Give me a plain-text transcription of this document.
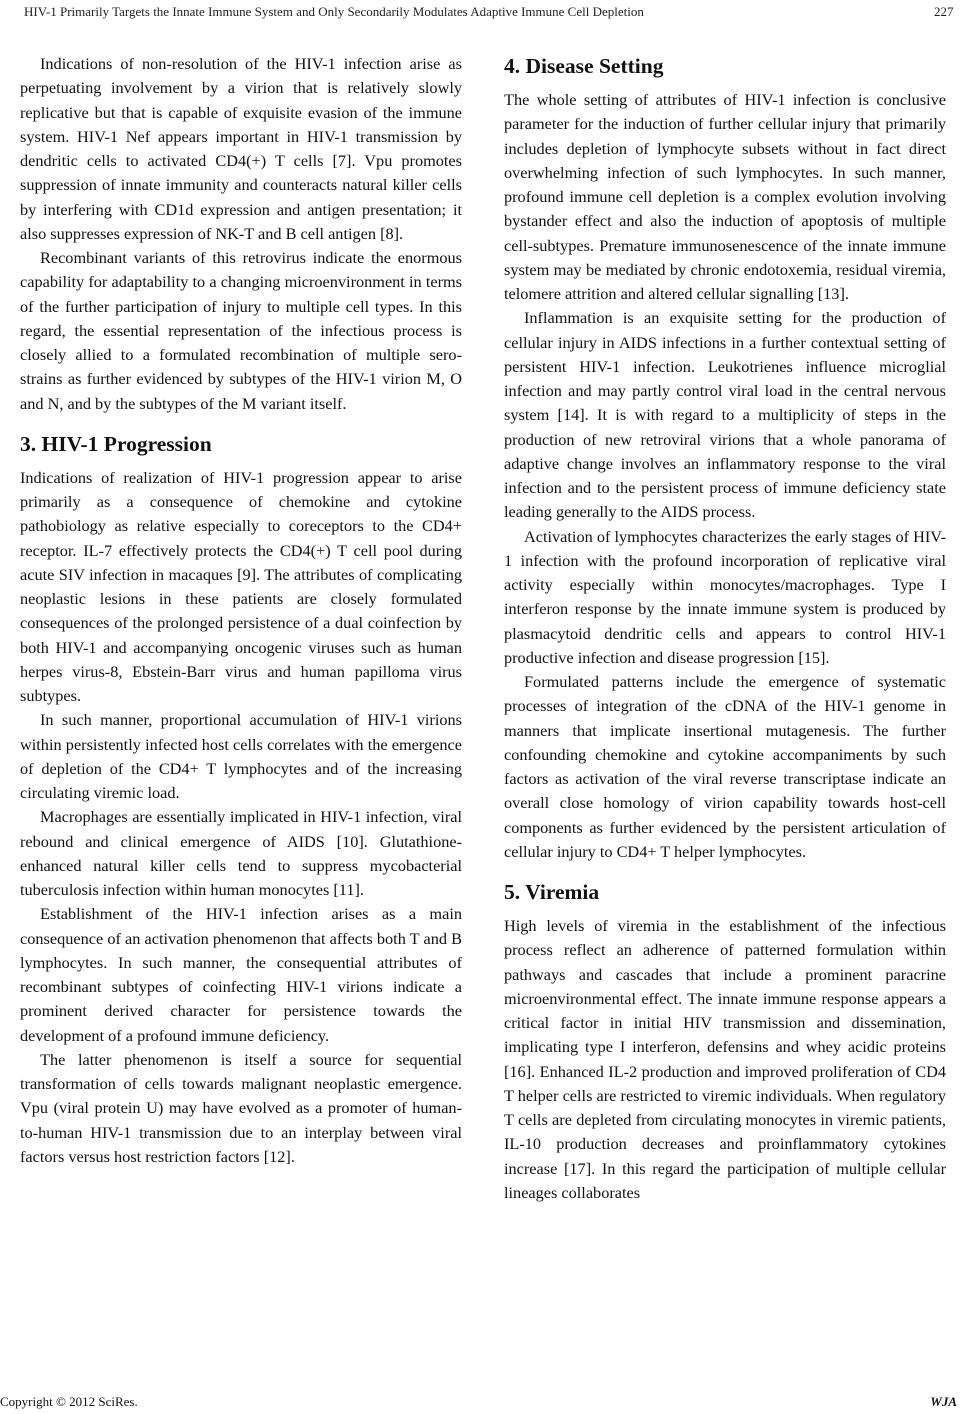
HIV-1 Primarily Targets the Innate Immune System and Only Secondarily Modulates Adaptive Immune Cell Depletion	227

Indications of non-resolution of the HIV-1 infection arise as perpetuating involvement by a virion that is relatively slowly replicative but that is capable of exquisite evasion of the immune system. HIV-1 Nef appears important in HIV-1 transmission by dendritic cells to activated CD4(+) T cells [7]. Vpu promotes suppression of innate immunity and counteracts natural killer cells by interfering with CD1d expression and antigen presentation; it also suppresses expression of NK-T and B cell antigen [8].

Recombinant variants of this retrovirus indicate the enormous capability for adaptability to a changing microenvironment in terms of the further participation of injury to multiple cell types. In this regard, the essential representation of the infectious process is closely allied to a formulated recombination of multiple sero-strains as further evidenced by subtypes of the HIV-1 virion M, O and N, and by the subtypes of the M variant itself.

3. HIV-1 Progression

Indications of realization of HIV-1 progression appear to arise primarily as a consequence of chemokine and cytokine pathobiology as relative especially to coreceptors to the CD4+ receptor. IL-7 effectively protects the CD4(+) T cell pool during acute SIV infection in macaques [9]. The attributes of complicating neoplastic lesions in these patients are closely formulated consequences of the prolonged persistence of a dual coinfection by both HIV-1 and accompanying oncogenic viruses such as human herpes virus-8, Ebstein-Barr virus and human papilloma virus subtypes.

In such manner, proportional accumulation of HIV-1 virions within persistently infected host cells correlates with the emergence of depletion of the CD4+ T lymphocytes and of the increasing circulating viremic load.

Macrophages are essentially implicated in HIV-1 infection, viral rebound and clinical emergence of AIDS [10]. Glutathione-enhanced natural killer cells tend to suppress mycobacterial tuberculosis infection within human monocytes [11].

Establishment of the HIV-1 infection arises as a main consequence of an activation phenomenon that affects both T and B lymphocytes. In such manner, the consequential attributes of recombinant subtypes of coinfecting HIV-1 virions indicate a prominent derived character for persistence towards the development of a profound immune deficiency.

The latter phenomenon is itself a source for sequential transformation of cells towards malignant neoplastic emergence. Vpu (viral protein U) may have evolved as a promoter of human-to-human HIV-1 transmission due to an interplay between viral factors versus host restriction factors [12].

4. Disease Setting

The whole setting of attributes of HIV-1 infection is conclusive parameter for the induction of further cellular injury that primarily includes depletion of lymphocyte subsets without in fact direct overwhelming infection of such lymphocytes. In such manner, profound immune cell depletion is a complex evolution involving bystander effect and also the induction of apoptosis of multiple cell-subtypes. Premature immunosenescence of the innate immune system may be mediated by chronic endotoxemia, residual viremia, telomere attrition and altered cellular signalling [13].

Inflammation is an exquisite setting for the production of cellular injury in AIDS infections in a further contextual setting of persistent HIV-1 infection. Leukotrienes influence microglial infection and may partly control viral load in the central nervous system [14]. It is with regard to a multiplicity of steps in the production of new retroviral virions that a whole panorama of adaptive change involves an inflammatory response to the viral infection and to the persistent process of immune deficiency state leading generally to the AIDS process.

Activation of lymphocytes characterizes the early stages of HIV-1 infection with the profound incorporation of replicative viral activity especially within monocytes/macrophages. Type I interferon response by the innate immune system is produced by plasmacytoid dendritic cells and appears to control HIV-1 productive infection and disease progression [15].

Formulated patterns include the emergence of systematic processes of integration of the cDNA of the HIV-1 genome in manners that implicate insertional mutagenesis. The further confounding chemokine and cytokine accompaniments by such factors as activation of the viral reverse transcriptase indicate an overall close homology of virion capability towards host-cell components as further evidenced by the persistent articulation of cellular injury to CD4+ T helper lymphocytes.

5. Viremia

High levels of viremia in the establishment of the infectious process reflect an adherence of patterned formulation within pathways and cascades that include a prominent paracrine microenvironmental effect. The innate immune response appears a critical factor in initial HIV transmission and dissemination, implicating type I interferon, defensins and whey acidic proteins [16]. Enhanced IL-2 production and improved proliferation of CD4 T helper cells are restricted to viremic individuals. When regulatory T cells are depleted from circulating monocytes in viremic patients, IL-10 production decreases and proinflammatory cytokines increase [17]. In this regard the participation of multiple cellular lineages collaborates

Copyright © 2012 SciRes.	WJA
